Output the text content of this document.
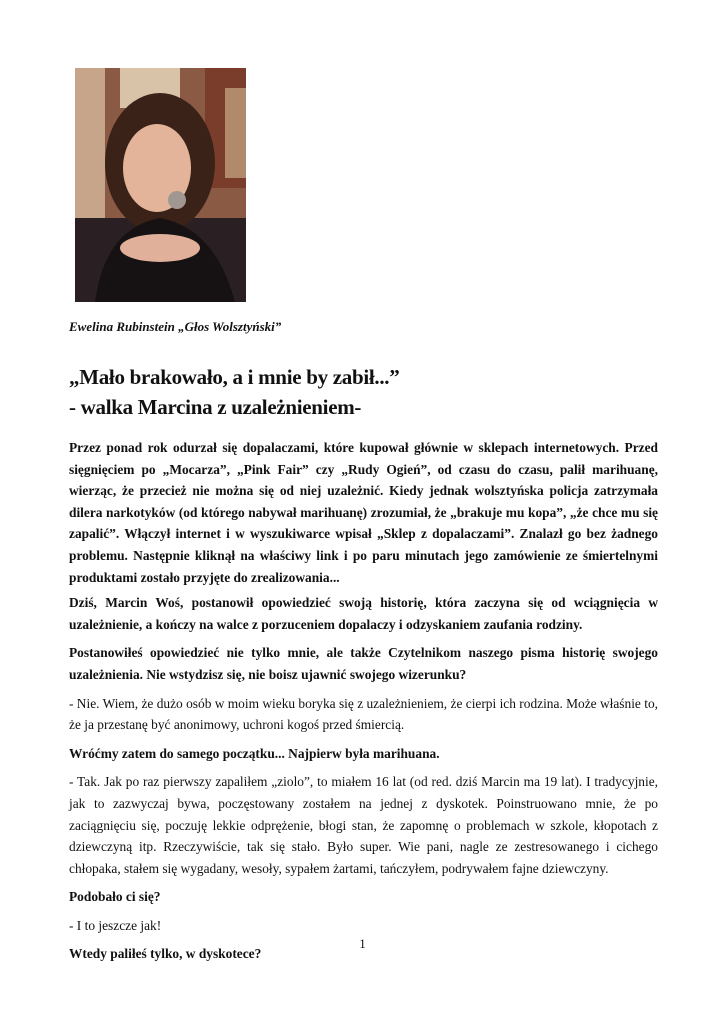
Ewelina Rubinstein „Głos Wolsztyński”
„Mało brakowało, a i mnie by zabił...”
- walka Marcina z uzależnieniem-

Przez ponad rok odurzał się dopalaczami, które kupował głównie w sklepach internetowych. Przed sięgnięciem po „Mocarza”, „Pink Fair” czy „Rudy Ogień”, od czasu do czasu, palił marihuanę, wierząc, że przecież nie można się od niej uzależnić. Kiedy jednak wolsztyńska policja zatrzymała dilera narkotyków (od którego nabywał marihuanę) zrozumiał, że „brakuje mu kopa”, „że chce mu się zapalić”. Włączył internet i w wyszukiwarce wpisał „Sklep z dopalaczami”. Znalazł go bez żadnego problemu. Następnie kliknął na właściwy link i po paru minutach jego zamówienie ze śmiertelnymi produktami zostało przyjęte do zrealizowania...

Dziś, Marcin Woś, postanowił opowiedzieć swoją historię, która zaczyna się od wciągnięcia w uzależnienie, a kończy na walce z porzuceniem dopalaczy i odzyskaniem zaufania rodziny.

Postanowiłeś opowiedzieć nie tylko mnie, ale także Czytelnikom naszego pisma historię swojego uzależnienia. Nie wstydzisz się, nie boisz ujawnić swojego wizerunku?

- Nie. Wiem, że dużo osób w moim wieku boryka się z uzależnieniem, że cierpi ich rodzina. Może właśnie to, że ja przestanę być anonimowy, uchroni kogoś przed śmiercią.

Wróćmy zatem do samego początku... Najpierw była marihuana.

- Tak. Jak po raz pierwszy zapaliłem „ziolo”, to miałem 16 lat (od red. dziś Marcin ma 19 lat). I tradycyjnie, jak to zazwyczaj bywa, poczęstowany zostałem na jednej z dyskotek. Poinstruowano mnie, że po zaciągnięciu się, poczuję lekkie odprężenie, błogi stan, że zapomnę o problemach w szkole, kłopotach z dziewczyną itp. Rzeczywiście, tak się stało. Było super. Wie pani, nagle ze zestresowanego i cichego chłopaka, stałem się wygadany, wesoły, sypałem żartami, tańczyłem, podrywałem fajne dziewczyny.

Podobało ci się?

- I to jeszcze jak!

Wtedy paliłeś tylko, w dyskotece?

1
